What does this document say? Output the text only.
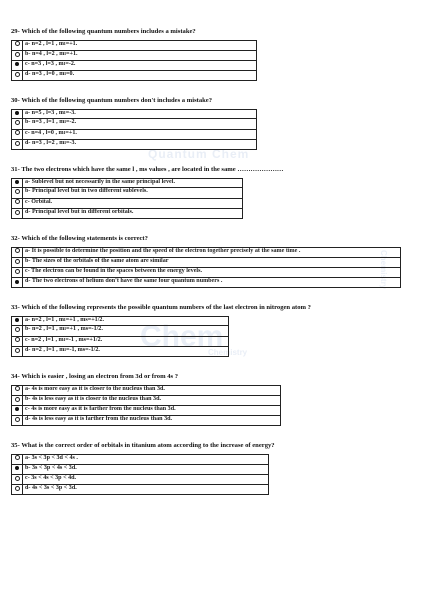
Quantum Chem
Chem
Chemistry
Chemistry

29- Which of the following quantum numbers includes a mistake?

	a- n=2 , l=1 , mₗ=+1.
	b- n=4 , l=2 , mₗ=+1.
	c- n=3 , l=3 , mₗ=-2.
	d- n=3 , l=0 , mₗ=0.

30- Which of the following quantum numbers don't includes a mistake?

	a- n=5 , l=3 , mₗ=-3.
	b- n=3 , l=1 , mₗ=-2.
	c- n=4 , l=0 , mₗ=+1.
	d- n=3 , l=2 , mₗ=-3.

31- The two electrons which have the same l , ms values , are located in the same …………………

	a- Sublevel but not necessarily in the same principal level.
	b- Principal level but in two different sublevels.
	c- Orbital.
	d- Principal level but in different orbitals.

32- Which of the following statements is correct?

	a- It is possible to determine the position and the speed of the electron together precisely at the same time .
	b- The sizes of the orbitals of the same atom are similar
	c- The electron can be found in the spaces between the energy levels.
	d- The two electrons of helium don't have the same four quantum numbers .

33- Which of the following represents the possible quantum numbers of the last electron in nitrogen atom ?

	a- n=2 , l=1 , mₗ=+1 , ms=+1/2.
	b- n=2 , l=1 , mₗ=+1 , ms=-1/2.
	c- n=2 , l=1 , mₗ=-1 , ms=+1/2.
	d- n=2 , l=1 , mₗ=-1, ms=-1/2.

34- Which is easier , losing an electron from 3d or from 4s ?

	a- 4s is more easy as it is closer to the nucleus than 3d.
	b- 4s is less easy as it is closer to the nucleus than 3d.
	c- 4s is more easy as it is farther from the nucleus than 3d.
	d- 4s is less easy as it is farther from the nucleus than 3d.

35- What is the correct order of orbitals in titanium atom according to the increase of energy?

	a- 3s < 3p < 3d < 4s .
	b- 3s < 3p < 4s < 3d.
	c- 3s < 4s < 3p < 4d.
	d- 4s < 3s < 3p < 3d.
